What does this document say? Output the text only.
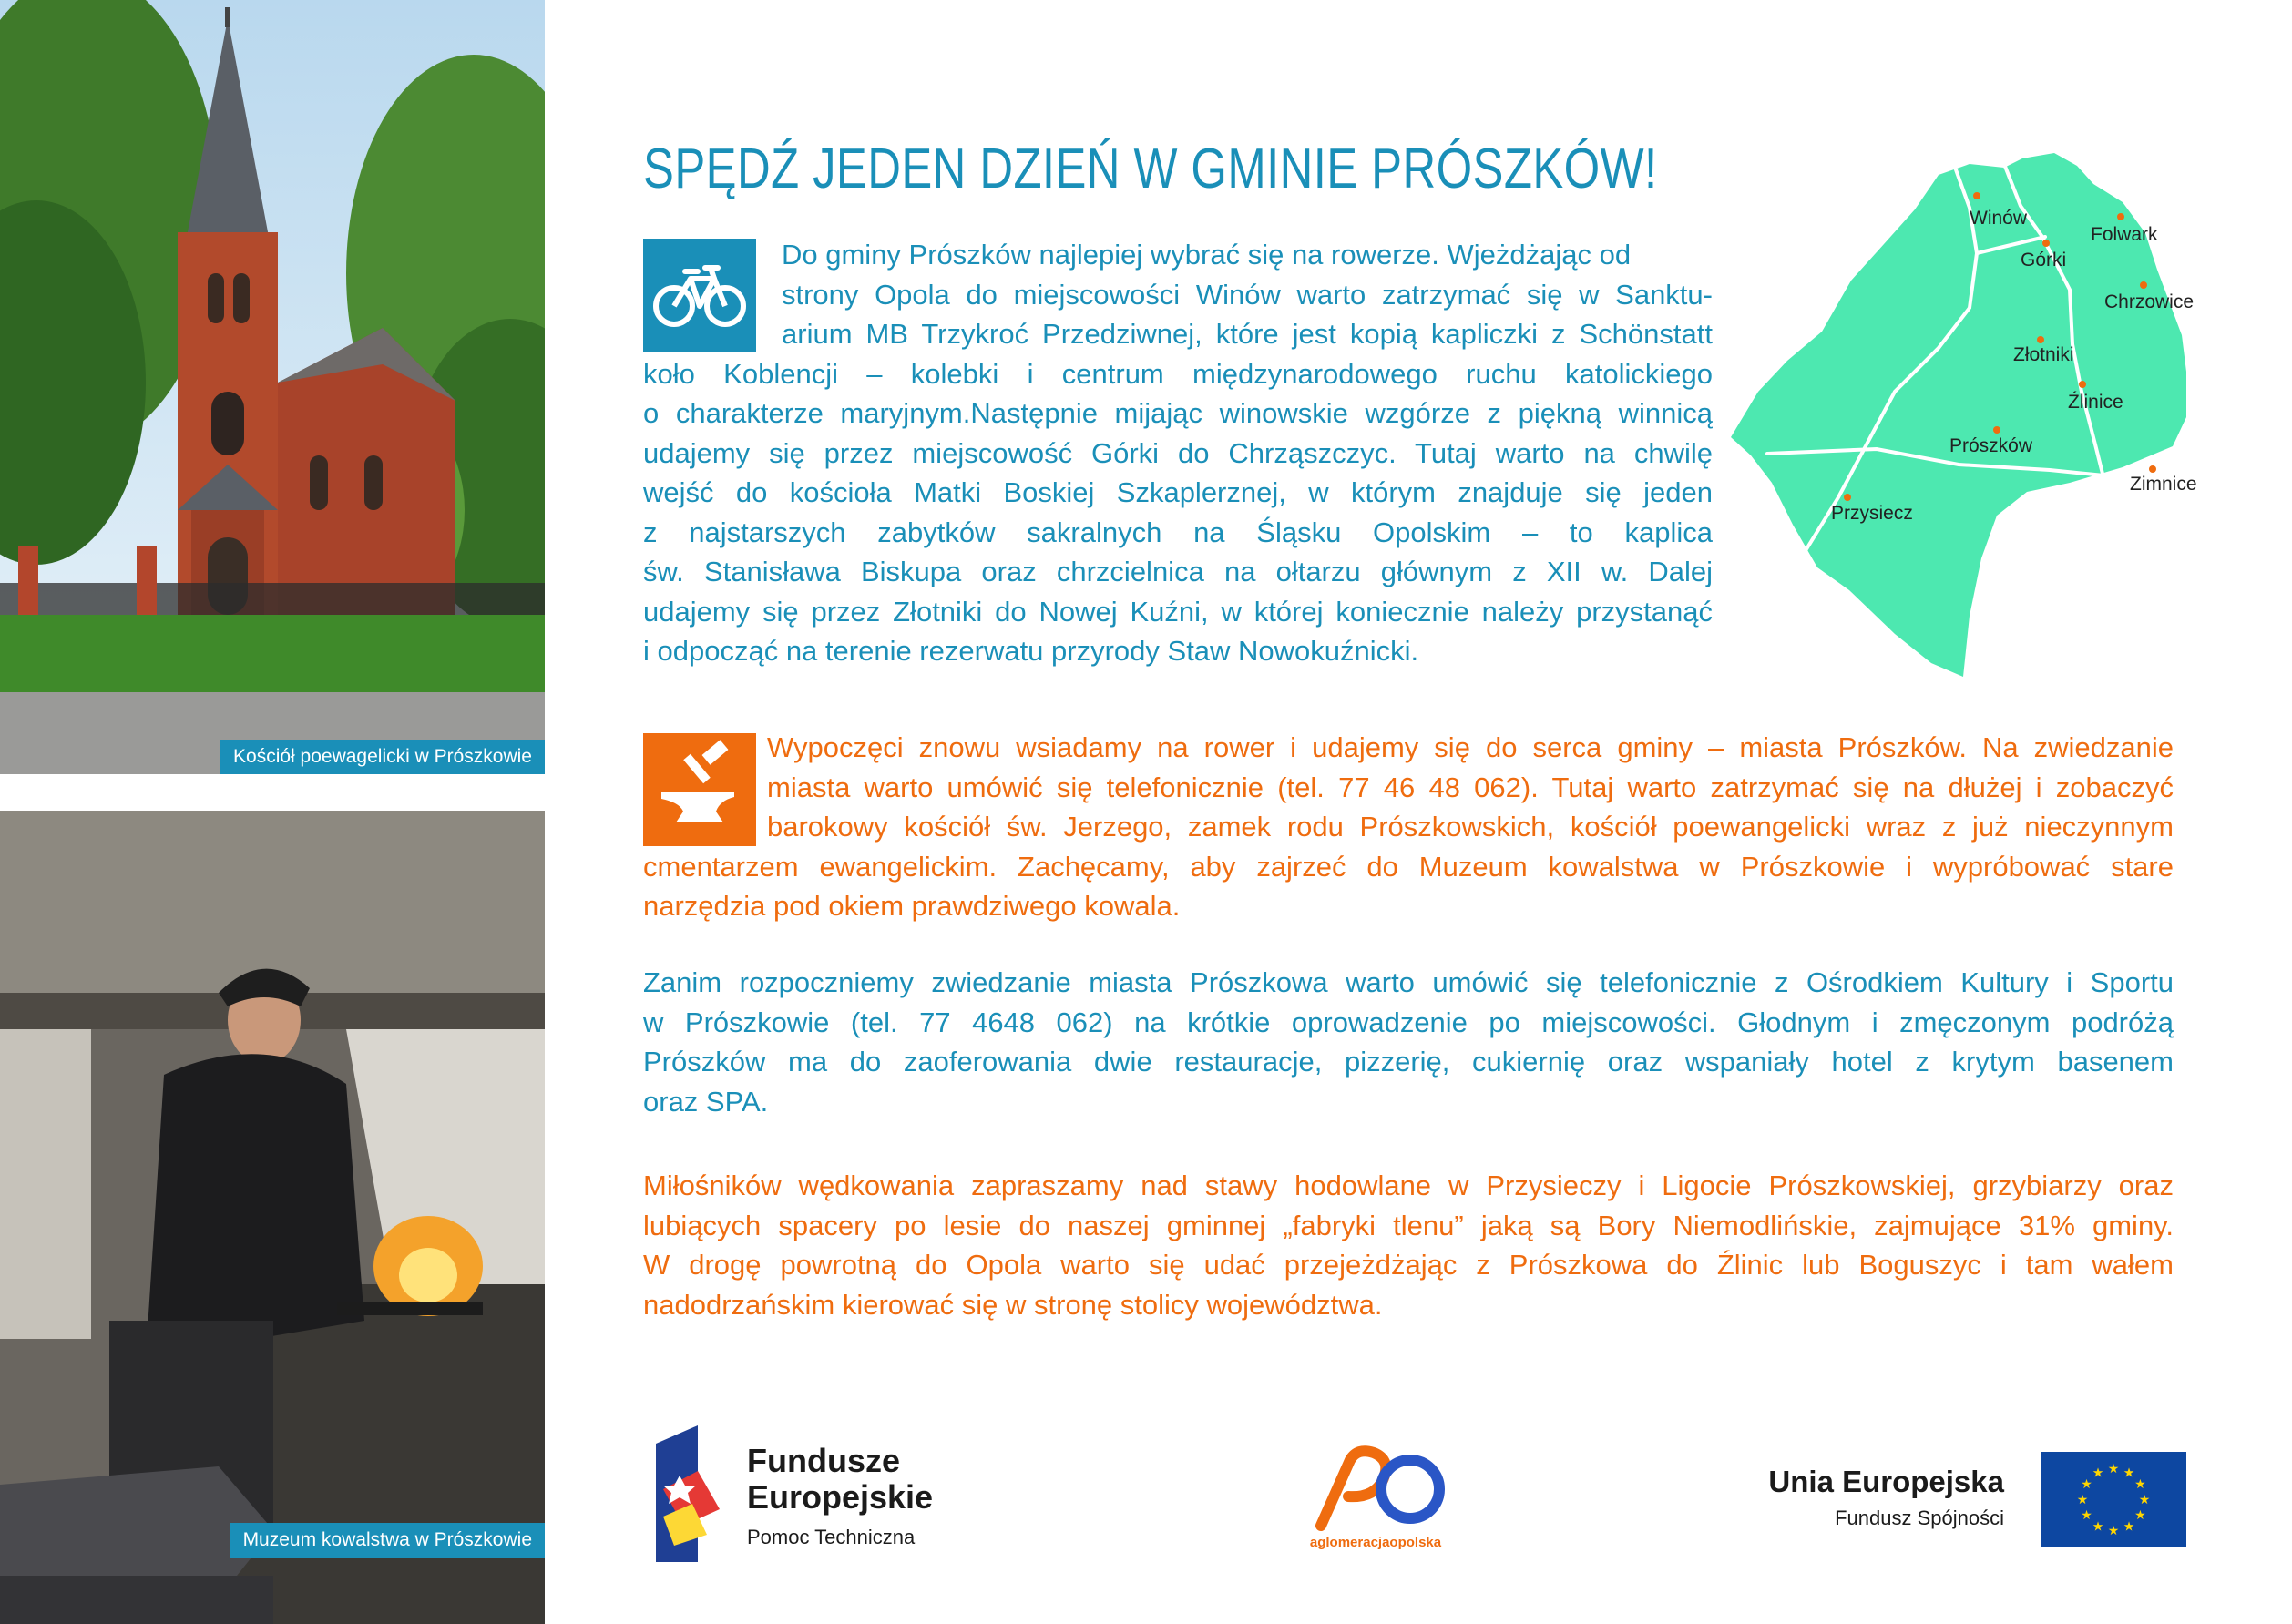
Kościół poewagelicki w Prószkowie
Muzeum kowalstwa w Prószkowie
SPĘDŹ JEDEN DZIEŃ W GMINIE PRÓSZKÓW!
Do gminy Prószków najlepiej wybrać się na rowerze. Wjeżdżając od
strony Opola do miejscowości Winów warto zatrzymać się w Sanktu-
arium MB Trzykroć Przedziwnej, które jest kopią kapliczki z Schönstatt
koło Koblencji – kolebki i centrum międzynarodowego ruchu katolickiego
o charakterze maryjnym.Następnie mijając winowskie wzgórze z piękną winnicą
udajemy się przez miejscowość Górki do Chrząszczyc. Tutaj warto na chwilę
wejść do kościoła Matki Boskiej Szkaplerznej, w którym znajduje się jeden
z najstarszych zabytków sakralnych na Śląsku Opolskim – to kaplica
św. Stanisława Biskupa oraz chrzcielnica na ołtarzu głównym z XII w. Dalej
udajemy się przez Złotniki do Nowej Kuźni, w której koniecznie należy przystanąć
i odpocząć na terenie rezerwatu przyrody Staw Nowokuźnicki.
Winów
Folwark
Górki
Chrzowice
Złotniki
Źlinice
Prószków
Zimnice
Przysiecz
Wypoczęci znowu wsiadamy na rower i udajemy się do serca gminy – miasta Prószków. Na zwiedzanie
miasta warto umówić się telefonicznie (tel. 77 46 48 062). Tutaj warto zatrzymać się na dłużej i zobaczyć
barokowy kościół św. Jerzego, zamek rodu Prószkowskich, kościół poewangelicki wraz z już nieczynnym
cmentarzem ewangelickim. Zachęcamy, aby zajrzeć do Muzeum kowalstwa w Prószkowie i wypróbować stare
narzędzia pod okiem prawdziwego kowala.
Zanim rozpoczniemy zwiedzanie miasta Prószkowa warto umówić się telefonicznie z Ośrodkiem Kultury i Sportu
w Prószkowie (tel. 77 4648 062) na krótkie oprowadzenie po miejscowości. Głodnym i zmęczonym podróżą
Prószków ma do zaoferowania dwie restauracje, pizzerię, cukiernię oraz wspaniały hotel z krytym basenem
oraz SPA.
Miłośników wędkowania zapraszamy nad stawy hodowlane w Przysieczy i Ligocie Prószkowskiej, grzybiarzy oraz
lubiących spacery po lesie do naszej gminnej „fabryki tlenu” jaką są Bory Niemodlińskie, zajmujące 31% gminy.
W drogę powrotną do Opola warto się udać przejeżdżając z Prószkowa do Źlinic lub Boguszyc i tam wałem
nadodrzańskim kierować się w stronę stolicy województwa.
Fundusze
Europejskie
Pomoc Techniczna	aglomeracjaopolska
Unia Europejska
Fundusz Spójności
★
★
★
★
★
★
★
★
★ ★ ★
★
